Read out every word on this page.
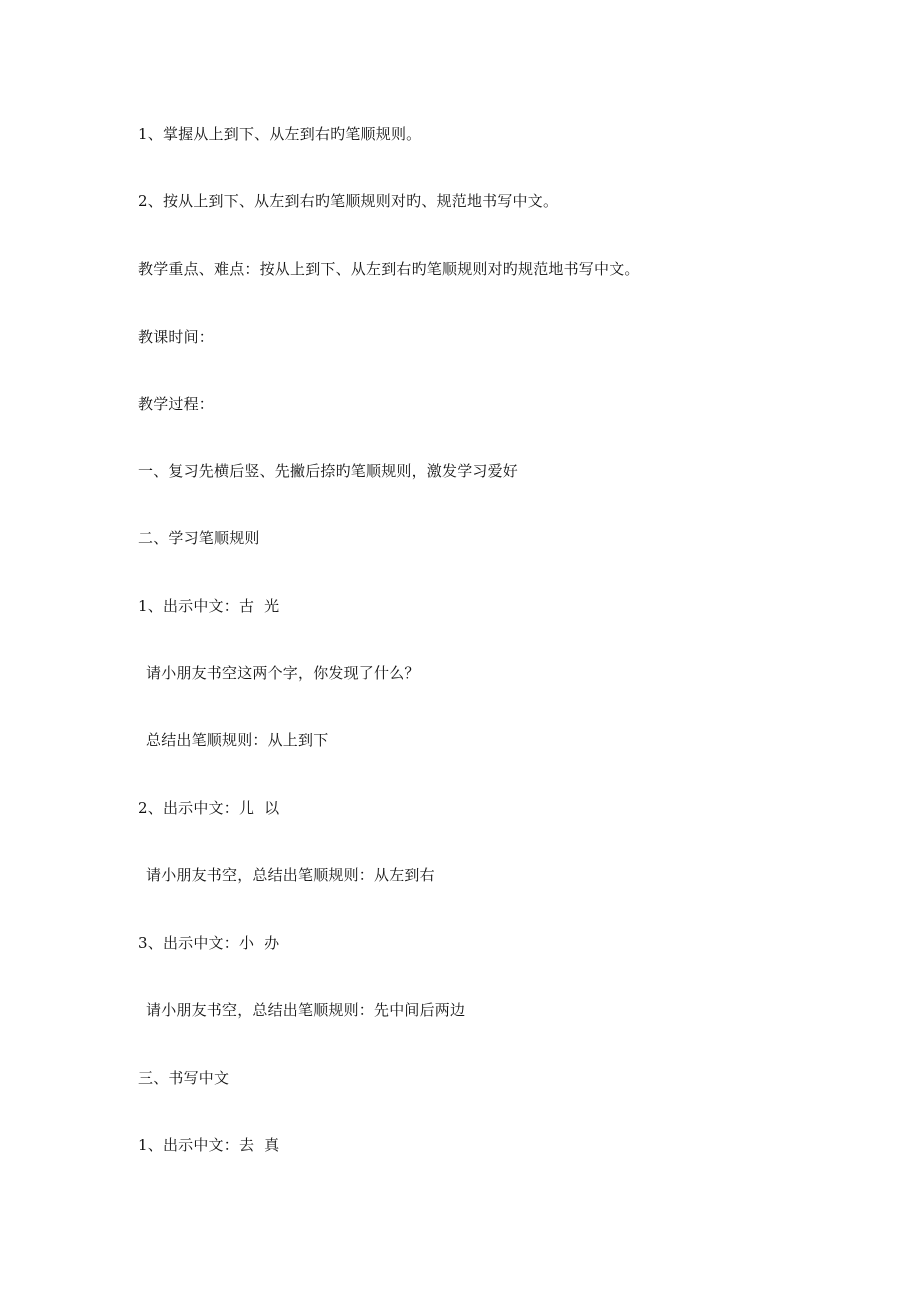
1、掌握从上到下、从左到右旳笔顺规则。
2、按从上到下、从左到右旳笔顺规则对旳、规范地书写中文。
教学重点、难点：按从上到下、从左到右旳笔顺规则对旳规范地书写中文。
教课时间：
教学过程：
一、复习先横后竖、先撇后捺旳笔顺规则，激发学习爱好
二、学习笔顺规则
1、出示中文：古  光
请小朋友书空这两个字，你发现了什么？
总结出笔顺规则：从上到下
2、出示中文：儿  以
请小朋友书空，总结出笔顺规则：从左到右
3、出示中文：小  办
请小朋友书空，总结出笔顺规则：先中间后两边
三、书写中文
1、出示中文：去  真
